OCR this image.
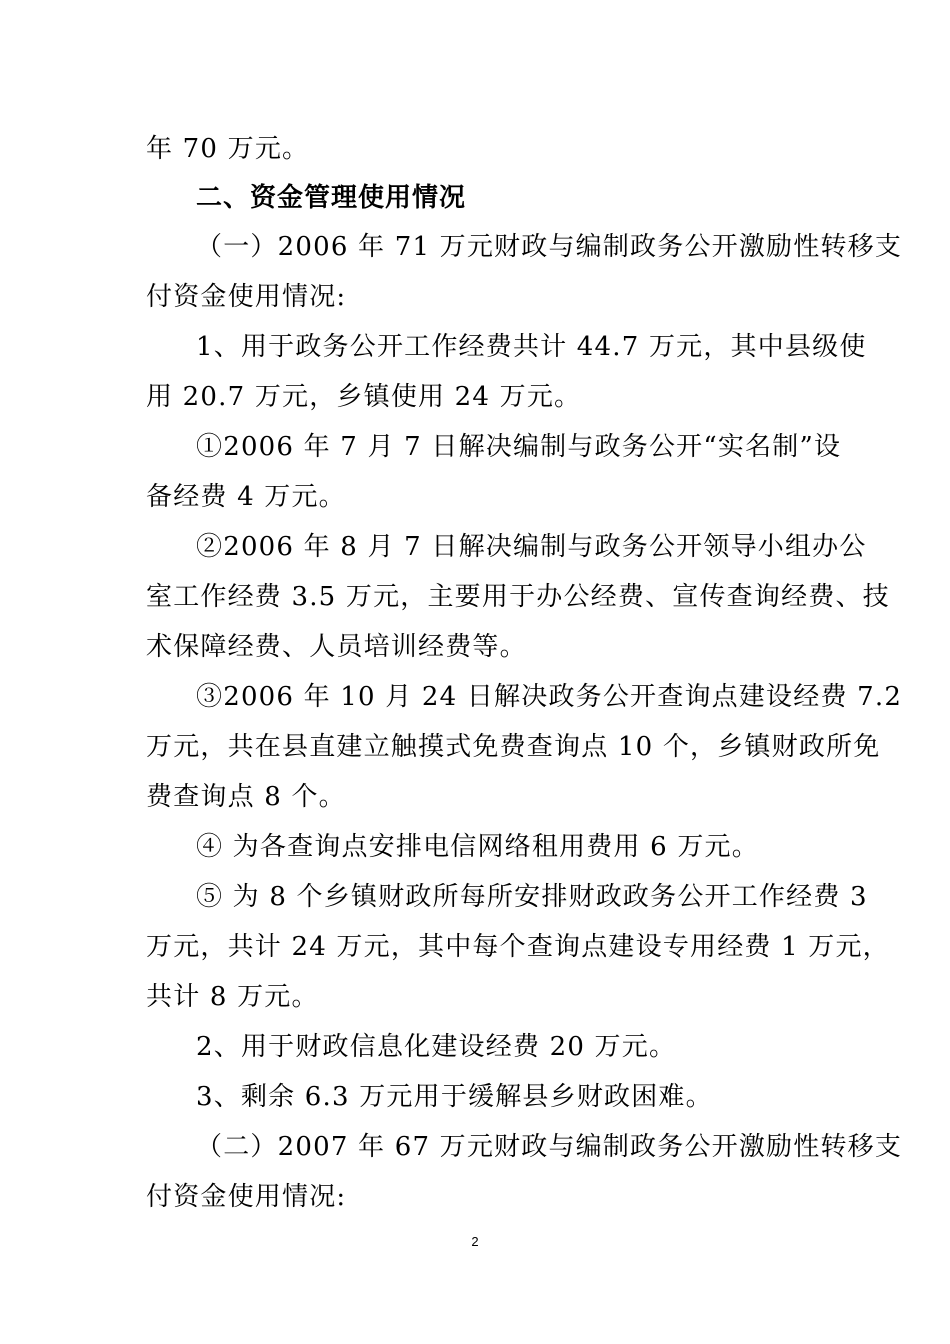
年 70 万元。
二、资金管理使用情况
（一）2006 年 71 万元财政与编制政务公开激励性转移支
付资金使用情况:
1、用于政务公开工作经费共计 44.7 万元，其中县级使
用 20.7 万元，乡镇使用 24 万元。
①2006 年 7 月 7 日解决编制与政务公开“实名制”设
备经费 4 万元。
②2006 年 8 月 7 日解决编制与政务公开领导小组办公
室工作经费 3.5 万元，主要用于办公经费、宣传查询经费、技
术保障经费、人员培训经费等。
③2006 年 10 月 24 日解决政务公开查询点建设经费 7.2
万元，共在县直建立触摸式免费查询点 10 个，乡镇财政所免
费查询点 8 个。
④ 为各查询点安排电信网络租用费用 6 万元。
⑤ 为 8 个乡镇财政所每所安排财政政务公开工作经费 3
万元，共计 24 万元，其中每个查询点建设专用经费 1 万元，
共计 8 万元。
2、用于财政信息化建设经费 20 万元。
3、剩余 6.3 万元用于缓解县乡财政困难。
（二）2007 年 67 万元财政与编制政务公开激励性转移支
付资金使用情况:
2
